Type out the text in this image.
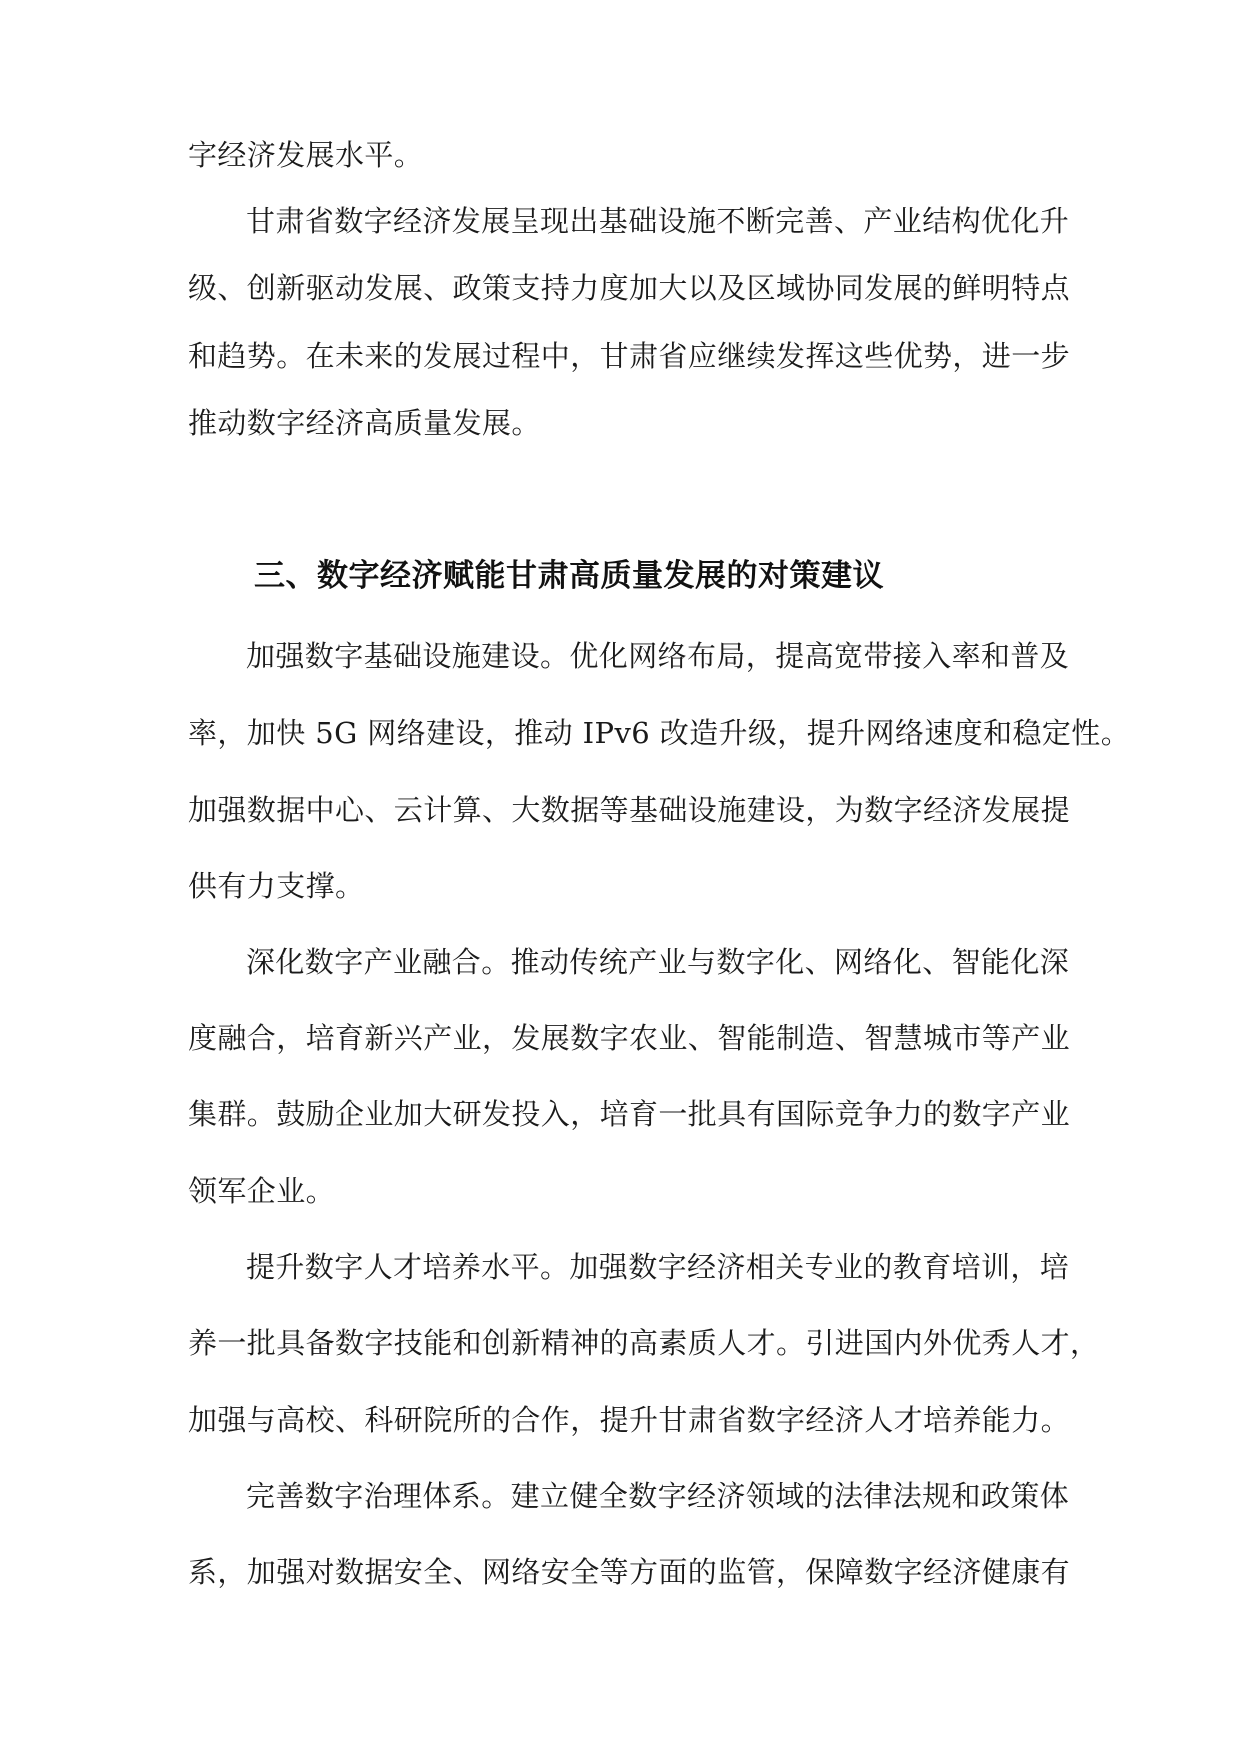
字经济发展水平。
甘肃省数字经济发展呈现出基础设施不断完善、产业结构优化升
级、创新驱动发展、政策支持力度加大以及区域协同发展的鲜明特点
和趋势。在未来的发展过程中，甘肃省应继续发挥这些优势，进一步
推动数字经济高质量发展。
三、数字经济赋能甘肃高质量发展的对策建议
加强数字基础设施建设。优化网络布局，提高宽带接入率和普及
率，加快 5G 网络建设，推动 IPv6 改造升级，提升网络速度和稳定性。
加强数据中心、云计算、大数据等基础设施建设，为数字经济发展提
供有力支撑。
深化数字产业融合。推动传统产业与数字化、网络化、智能化深
度融合，培育新兴产业，发展数字农业、智能制造、智慧城市等产业
集群。鼓励企业加大研发投入，培育一批具有国际竞争力的数字产业
领军企业。
提升数字人才培养水平。加强数字经济相关专业的教育培训，培
养一批具备数字技能和创新精神的高素质人才。引进国内外优秀人才，
加强与高校、科研院所的合作，提升甘肃省数字经济人才培养能力。
完善数字治理体系。建立健全数字经济领域的法律法规和政策体
系，加强对数据安全、网络安全等方面的监管，保障数字经济健康有
